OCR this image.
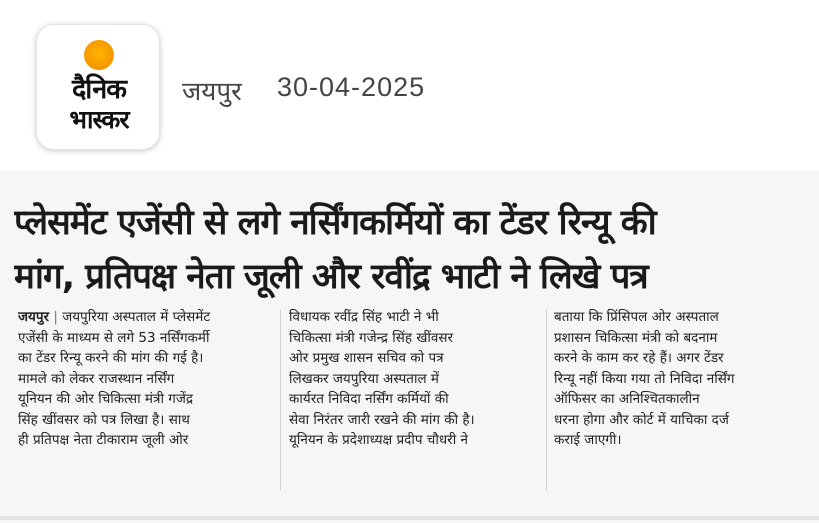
दैनिक
भास्कर
जयपुर 30-04-2025
प्लेसमेंट एजेंसी से लगे नर्सिंगकर्मियों का टेंडर रिन्यू की
मांग, प्रतिपक्ष नेता जूली और रवींद्र भाटी ने लिखे पत्र
जयपुर | जयपुरिया अस्पताल में प्लेसमेंट
एजेंसी के माध्यम से लगे 53 नर्सिंगकर्मी
का टेंडर रिन्यू करने की मांग की गई है।
मामले को लेकर राजस्थान नर्सिंग
यूनियन की ओर चिकित्सा मंत्री गजेंद्र
सिंह खींवसर को पत्र लिखा है। साथ
ही प्रतिपक्ष नेता टीकाराम जूली ओर
विधायक रवींद्र सिंह भाटी ने भी
चिकित्सा मंत्री गजेन्द्र सिंह खींवसर
ओर प्रमुख शासन सचिव को पत्र
लिखकर जयपुरिया अस्पताल में
कार्यरत निविदा नर्सिंग कर्मियों की
सेवा निरंतर जारी रखने की मांग की है।
यूनियन के प्रदेशाध्यक्ष प्रदीप चौधरी ने
बताया कि प्रिंसिपल ओर अस्पताल
प्रशासन चिकित्सा मंत्री को बदनाम
करने के काम कर रहे हैं। अगर टेंडर
रिन्यू नहीं किया गया तो निविदा नर्सिंग
ऑफिसर का अनिश्चितकालीन
धरना होगा और कोर्ट में याचिका दर्ज
कराई जाएगी।
